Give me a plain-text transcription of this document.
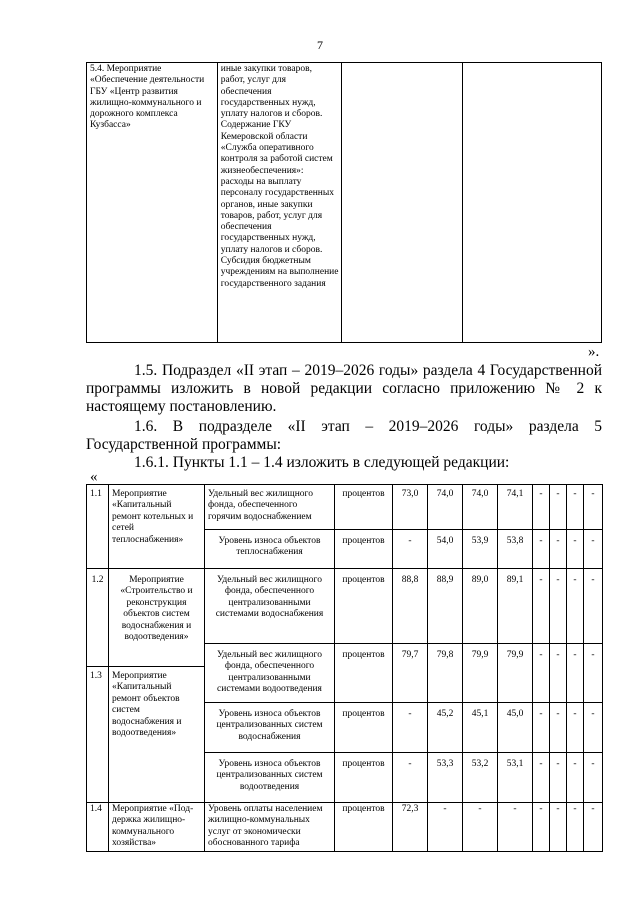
7
5.4. Мероприятие «Обеспечение деятельности ГБУ «Центр развития жилищно-коммунального и дорожного комплекса Кузбасса»	иные закупки товаров, работ, услуг для обеспечения государственных нужд, уплату налогов и сборов. Содержание ГКУ Кемеровской области «Служба оперативного контроля за работой систем жизнеобеспечения»: расходы на выплату персоналу государственных органов, иные закупки товаров, работ, услуг для обеспечения государственных нужд, уплату налогов и сборов. Субсидия бюджетным учреждениям на выполнение государственного задания		
».
1.5. Подраздел «II этап – 2019–2026 годы» раздела 4 Государственной программы изложить в новой редакции согласно приложению № 2 к настоящему постановлению.
1.6. В подразделе «II этап – 2019–2026 годы» раздела 5 Государственной программы:
1.6.1. Пункты 1.1 – 1.4 изложить в следующей редакции:
«
1.1	Мероприятие «Капитальный ремонт котельных и сетей теплоснабжения»	Удельный вес жилищного фонда, обеспеченного горячим водоснабжением	процентов	73,0	74,0	74,0	74,1	-	-	-	-
		Уровень износа объектов теплоснабжения	процентов	-	54,0	53,9	53,8	-	-	-	-
1.2	Мероприятие «Строительство и реконструкция объектов систем водоснабжения и водоотведения»	Удельный вес жилищного фонда, обеспеченного централизованными системами водоснабжения	процентов	88,8	88,9	89,0	89,1	-	-	-	-
		Удельный вес жилищного фонда, обеспеченного централизованными системами водоотведения	процентов	79,7	79,8	79,9	79,9	-	-	-	-
1.3	Мероприятие «Капитальный ремонт объектов систем водоснабжения и водоотведения»										
		Уровень износа объектов централизованных систем водоснабжения	процентов	-	45,2	45,1	45,0	-	-	-	-
		Уровень износа объектов централизованных систем водоотведения	процентов	-	53,3	53,2	53,1	-	-	-	-
1.4	Мероприятие «Под-держка жилищно-коммунального хозяйства»	Уровень оплаты населением жилищно-коммунальных услуг от экономически обоснованного тарифа	процентов	72,3	-	-	-	-	-	-	-
